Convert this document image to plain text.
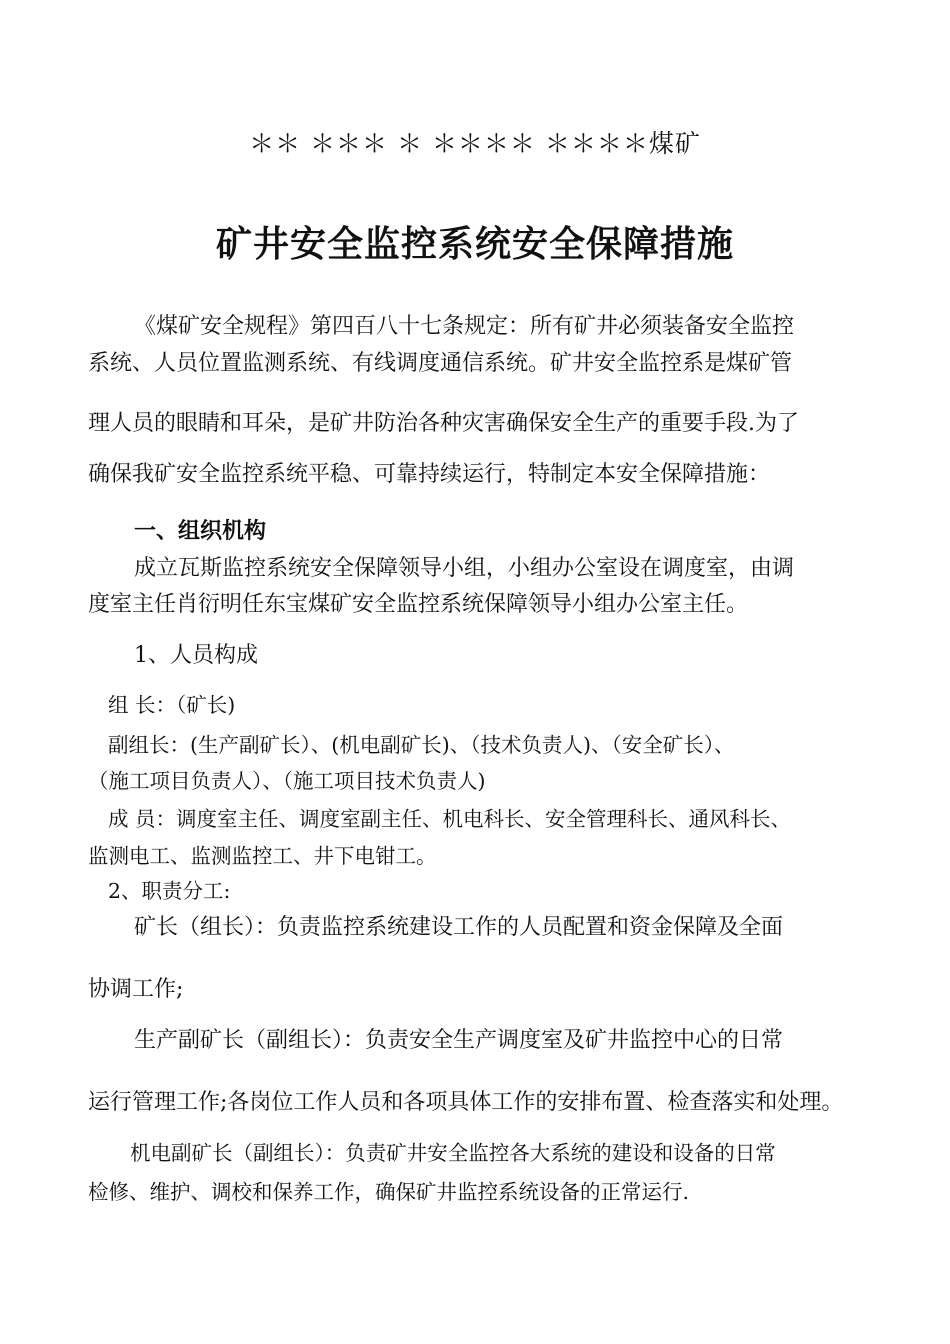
＊＊ ＊＊＊ ＊ ＊＊＊＊ ＊＊＊＊煤矿
矿井安全监控系统安全保障措施
《煤矿安全规程》第四百八十七条规定：所有矿井必须装备安全监控
系统、人员位置监测系统、有线调度通信系统。矿井安全监控系是煤矿管
理人员的眼睛和耳朵，是矿井防治各种灾害确保安全生产的重要手段.为了
确保我矿安全监控系统平稳、可靠持续运行，特制定本安全保障措施：
一、组织机构
成立瓦斯监控系统安全保障领导小组，小组办公室设在调度室，由调
度室主任肖衍明任东宝煤矿安全监控系统保障领导小组办公室主任。
1、人员构成
组 长：（矿长)
副组长：(生产副矿长）、(机电副矿长)、（技术负责人)、（安全矿长）、
（施工项目负责人）、（施工项目技术负责人)
成 员：调度室主任、调度室副主任、机电科长、安全管理科长、通风科长、
监测电工、监测监控工、井下电钳工。
2、职责分工:
矿长（组长）：负责监控系统建设工作的人员配置和资金保障及全面
协调工作;
生产副矿长（副组长）：负责安全生产调度室及矿井监控中心的日常
运行管理工作;各岗位工作人员和各项具体工作的安排布置、检查落实和处理。
机电副矿长（副组长）：负责矿井安全监控各大系统的建设和设备的日常
检修、维护、调校和保养工作，确保矿井监控系统设备的正常运行.
